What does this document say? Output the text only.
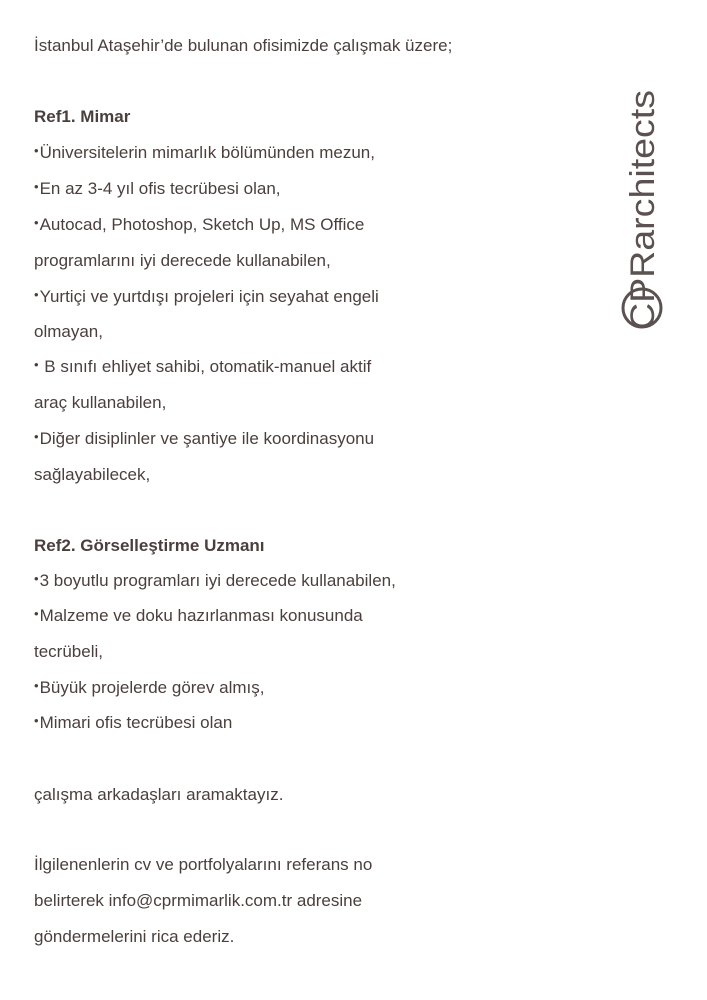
İstanbul Ataşehir’de bulunan ofisimizde çalışmak üzere;
Ref1. Mimar
•Üniversitelerin mimarlık bölümünden mezun,
•En az 3-4 yıl ofis tecrübesi olan,
•Autocad, Photoshop, Sketch Up, MS Office
programlarını iyi derecede kullanabilen,
•Yurtiçi ve yurtdışı projeleri için seyahat engeli
olmayan,
• B sınıfı ehliyet sahibi, otomatik-manuel aktif
araç kullanabilen,
•Diğer disiplinler ve şantiye ile koordinasyonu
sağlayabilecek,
Ref2. Görselleştirme Uzmanı
•3 boyutlu programları iyi derecede kullanabilen,
•Malzeme ve doku hazırlanması konusunda
tecrübeli,
•Büyük projelerde görev almış,
•Mimari ofis tecrübesi olan
çalışma arkadaşları aramaktayız.
İlgilenenlerin cv ve portfolyalarını referans no
belirterek info@cprmimarlik.com.tr adresine
göndermelerini rica ederiz.
CPRarchitects
